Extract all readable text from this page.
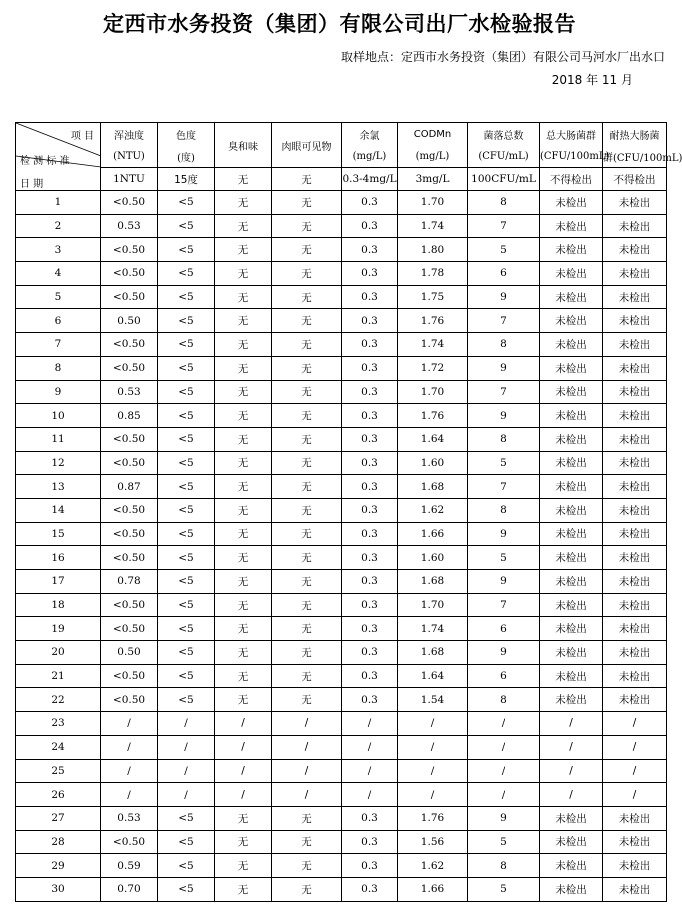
定西市水务投资（集团）有限公司出厂水检验报告
取样地点：定西市水务投资（集团）有限公司马河水厂出水口
2018 年 11 月
项 目
检 测 标 准
日 期	浑浊度	色度	臭和味	肉眼可见物	余氯	CODMn	菌落总数	总大肠菌群	耐热大肠菌
	(NTU)	(度)			(mg/L)	(mg/L)	(CFU/mL)	(CFU/100mL)	群(CFU/100mL)
	1NTU	15度	无	无	0.3-4mg/L	3mg/L	100CFU/mL	不得检出	不得检出
1	<0.50	<5	无	无	0.3	1.70	8	未检出	未检出
2	0.53	<5	无	无	0.3	1.74	7	未检出	未检出
3	<0.50	<5	无	无	0.3	1.80	5	未检出	未检出
4	<0.50	<5	无	无	0.3	1.78	6	未检出	未检出
5	<0.50	<5	无	无	0.3	1.75	9	未检出	未检出
6	0.50	<5	无	无	0.3	1.76	7	未检出	未检出
7	<0.50	<5	无	无	0.3	1.74	8	未检出	未检出
8	<0.50	<5	无	无	0.3	1.72	9	未检出	未检出
9	0.53	<5	无	无	0.3	1.70	7	未检出	未检出
10	0.85	<5	无	无	0.3	1.76	9	未检出	未检出
11	<0.50	<5	无	无	0.3	1.64	8	未检出	未检出
12	<0.50	<5	无	无	0.3	1.60	5	未检出	未检出
13	0.87	<5	无	无	0.3	1.68	7	未检出	未检出
14	<0.50	<5	无	无	0.3	1.62	8	未检出	未检出
15	<0.50	<5	无	无	0.3	1.66	9	未检出	未检出
16	<0.50	<5	无	无	0.3	1.60	5	未检出	未检出
17	0.78	<5	无	无	0.3	1.68	9	未检出	未检出
18	<0.50	<5	无	无	0.3	1.70	7	未检出	未检出
19	<0.50	<5	无	无	0.3	1.74	6	未检出	未检出
20	0.50	<5	无	无	0.3	1.68	9	未检出	未检出
21	<0.50	<5	无	无	0.3	1.64	6	未检出	未检出
22	<0.50	<5	无	无	0.3	1.54	8	未检出	未检出
23	/	/	/	/	/	/	/	/	/
24	/	/	/	/	/	/	/	/	/
25	/	/	/	/	/	/	/	/	/
26	/	/	/	/	/	/	/	/	/
27	0.53	<5	无	无	0.3	1.76	9	未检出	未检出
28	<0.50	<5	无	无	0.3	1.56	5	未检出	未检出
29	0.59	<5	无	无	0.3	1.62	8	未检出	未检出
30	0.70	<5	无	无	0.3	1.66	5	未检出	未检出
